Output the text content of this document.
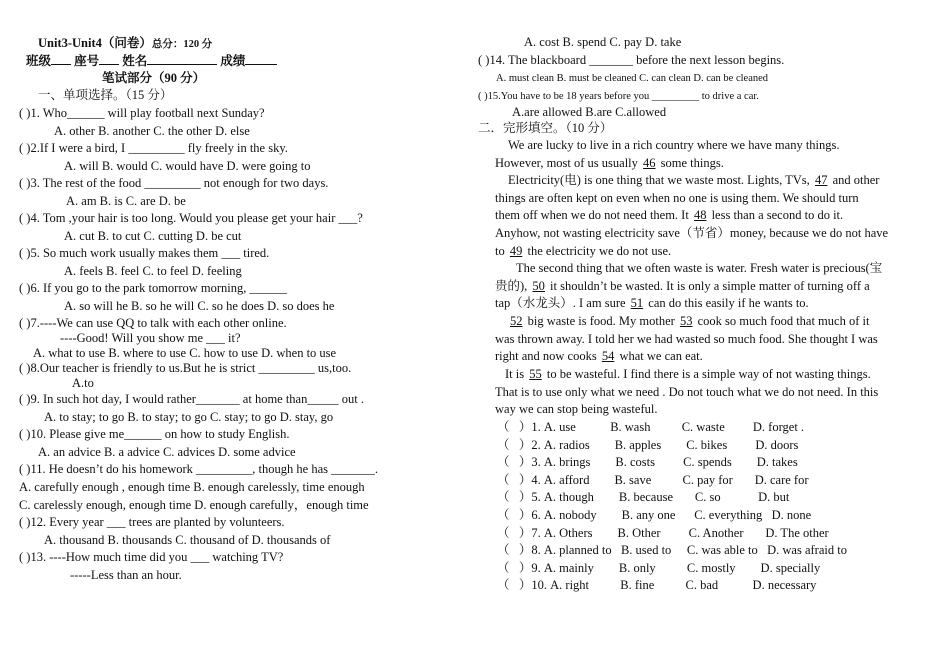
Unit3-Unit4（问卷）总分：120 分
班级 座号 姓名	成绩
笔试部分（90 分）
一、单项选择。（15 分）
( )1. Who______ will play football next Sunday?
A. other B. another C. the other D. else
( )2.If I were a bird, I _________ fly freely in the sky.
A. will B. would C. would have D. were going to
( )3. The rest of the food _________ not enough for two days.
A. am B. is C. are D. be
( )4. Tom ,your hair is too long. Would you please get your hair ___?
A. cut B. to cut C. cutting D. be cut
( )5. So much work usually makes them ___ tired.
A. feels B. feel C. to feel D. feeling
( )6. If you go to the park tomorrow morning, ______
A. so will he B. so he will C. so he does D. so does he
( )7.----We can use QQ to talk with each other online.
----Good! Will you show me ___ it?
A. what to use B. where to use C. how to use D. when to use
( )8.Our teacher is friendly to us.But he is strict _________ us,too.
A.to
( )9. In such hot day, I would rather_______ at home than_____ out .
A. to stay; to go B. to stay; to go C. stay; to go D. stay, go
( )10. Please give me______ on how to study English.
A. an advice B. a advice C. advices D. some advice
( )11. He doesn’t do his homework _________, though he has _______.
A. carefully enough , enough time B. enough carelessly, time enough
C. carelessly enough, enough time D. enough carefully，enough time
( )12. Every year ___ trees are planted by volunteers.
A. thousand B. thousands C. thousand of D. thousands of
( )13. ----How much time did you ___ watching TV?
-----Less than an hour.
A. cost B. spend C. pay D. take
( )14. The blackboard _______ before the next lesson begins.
A. must clean B. must be cleaned C. can clean D. can be cleaned
( )15.You have to be 18 years before you _________ to drive a car.
A.are allowed B.are C.allowed
二．完形填空。（10 分）
We are lucky to live in a rich country where we have many things.
However, most of us usually 46 some things.
Electricity(电) is one thing that we waste most. Lights, TVs, 47 and other
things are often kept on even when no one is using them. We should turn
them off when we do not need them. It 48 less than a second to do it.
Anyhow, not wasting electricity save（节省）money, because we do not have
to 49 the electricity we do not use.
The second thing that we often waste is water. Fresh water is precious(宝
贵的), 50 it shouldn’t be wasted. It is only a simple matter of turning off a
tap（水龙头）. I am sure 51 can do this easily if he wants to.
52 big waste is food. My mother 53 cook so much food that much of it
was thrown away. I told her we had wasted so much food. She thought I was
right and now cooks 54 what we can eat.
It is 55 to be wasteful. I find there is a simple way of not wasting things.
That is to use only what we need . Do not touch what we do not need. In this
way we can stop being wasteful.
（   ）1. A. use           B. wash          C. waste         D. forget .
（   ）2. A. radios        B. apples        C. bikes         D. doors
（   ）3. A. brings        B. costs         C. spends        D. takes
（   ）4. A. afford        B. save          C. pay for       D. care for
（   ）5. A. though        B. because       C. so            D. but
（   ）6. A. nobody        B. any one      C. everything   D. none
（   ）7. A. Others        B. Other         C. Another       D. The other
（   ）8. A. planned to   B. used to     C. was able to   D. was afraid to
（   ）9. A. mainly        B. only          C. mostly        D. specially
（   ）10. A. right          B. fine          C. bad           D. necessary
